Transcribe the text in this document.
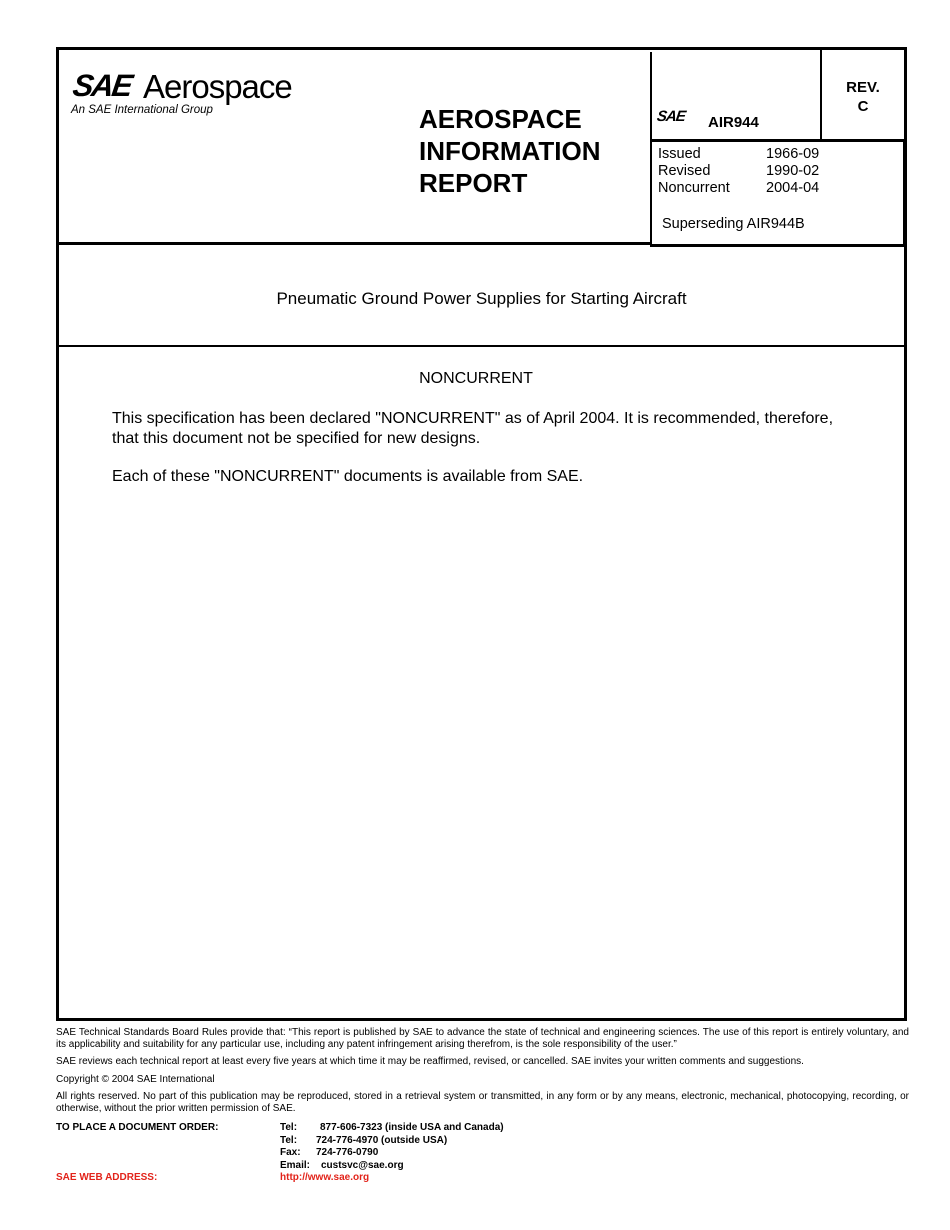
SAE Aerospace
An SAE International Group	AEROSPACE
INFORMATION
REPORT
SAE AIR944
REV.
C
Issued	1966-09
Revised	1990-02
Noncurrent	2004-04
Superseding AIR944B
Pneumatic Ground Power Supplies for Starting Aircraft
NONCURRENT
This specification has been declared "NONCURRENT" as of April 2004. It is recommended, therefore, that this document not be specified for new designs.
Each of these "NONCURRENT" documents is available from SAE.

SAE Technical Standards Board Rules provide that: “This report is published by SAE to advance the state of technical and engineering sciences. The use of this report is entirely voluntary, and its applicability and suitability for any particular use, including any patent infringement arising therefrom, is the sole responsibility of the user.”

SAE reviews each technical report at least every five years at which time it may be reaffirmed, revised, or cancelled. SAE invites your written comments and suggestions.

Copyright © 2004 SAE International

All rights reserved. No part of this publication may be reproduced, stored in a retrieval system or transmitted, in any form or by any means, electronic, mechanical, photocopying, recording, or otherwise, without the prior written permission of SAE.

TO PLACE A DOCUMENT ORDER:	Tel: 877-606-7323 (inside USA and Canada)
Tel: 724-776-4970 (outside USA)
Fax: 724-776-0790
Email: custsvc@sae.org
SAE WEB ADDRESS:	http://www.sae.org
